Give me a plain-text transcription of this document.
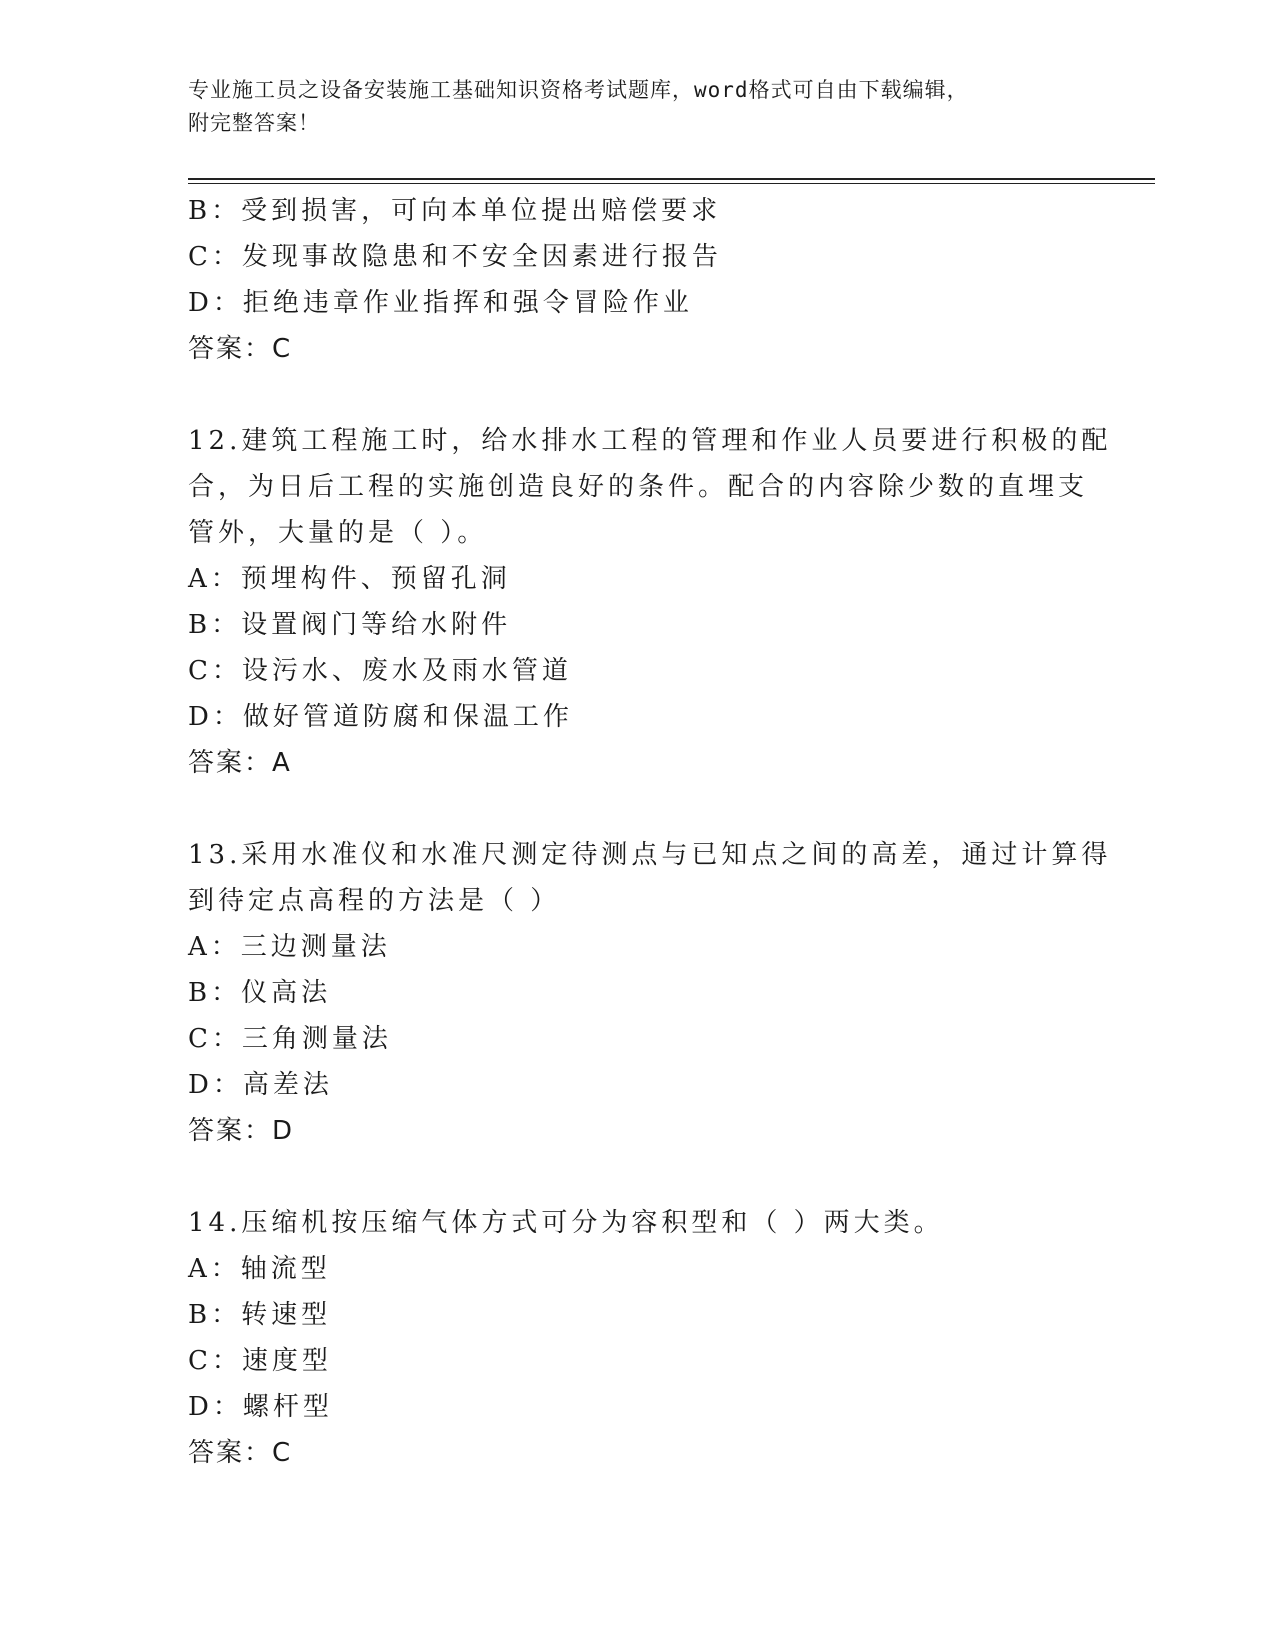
专业施工员之设备安装施工基础知识资格考试题库，word格式可自由下载编辑，
附完整答案！
B：受到损害，可向本单位提出赔偿要求
C：发现事故隐患和不安全因素进行报告
D：拒绝违章作业指挥和强令冒险作业
答案：C
12.建筑工程施工时，给水排水工程的管理和作业人员要进行积极的配
合，为日后工程的实施创造良好的条件。配合的内容除少数的直埋支
管外，大量的是（ ）。
A：预埋构件、预留孔洞
B：设置阀门等给水附件
C：设污水、废水及雨水管道
D：做好管道防腐和保温工作
答案：A
13.采用水准仪和水准尺测定待测点与已知点之间的高差，通过计算得
到待定点高程的方法是（ ）
A：三边测量法
B：仪高法
C：三角测量法
D：高差法
答案：D
14.压缩机按压缩气体方式可分为容积型和（ ）两大类。
A：轴流型
B：转速型
C：速度型
D：螺杆型
答案：C
